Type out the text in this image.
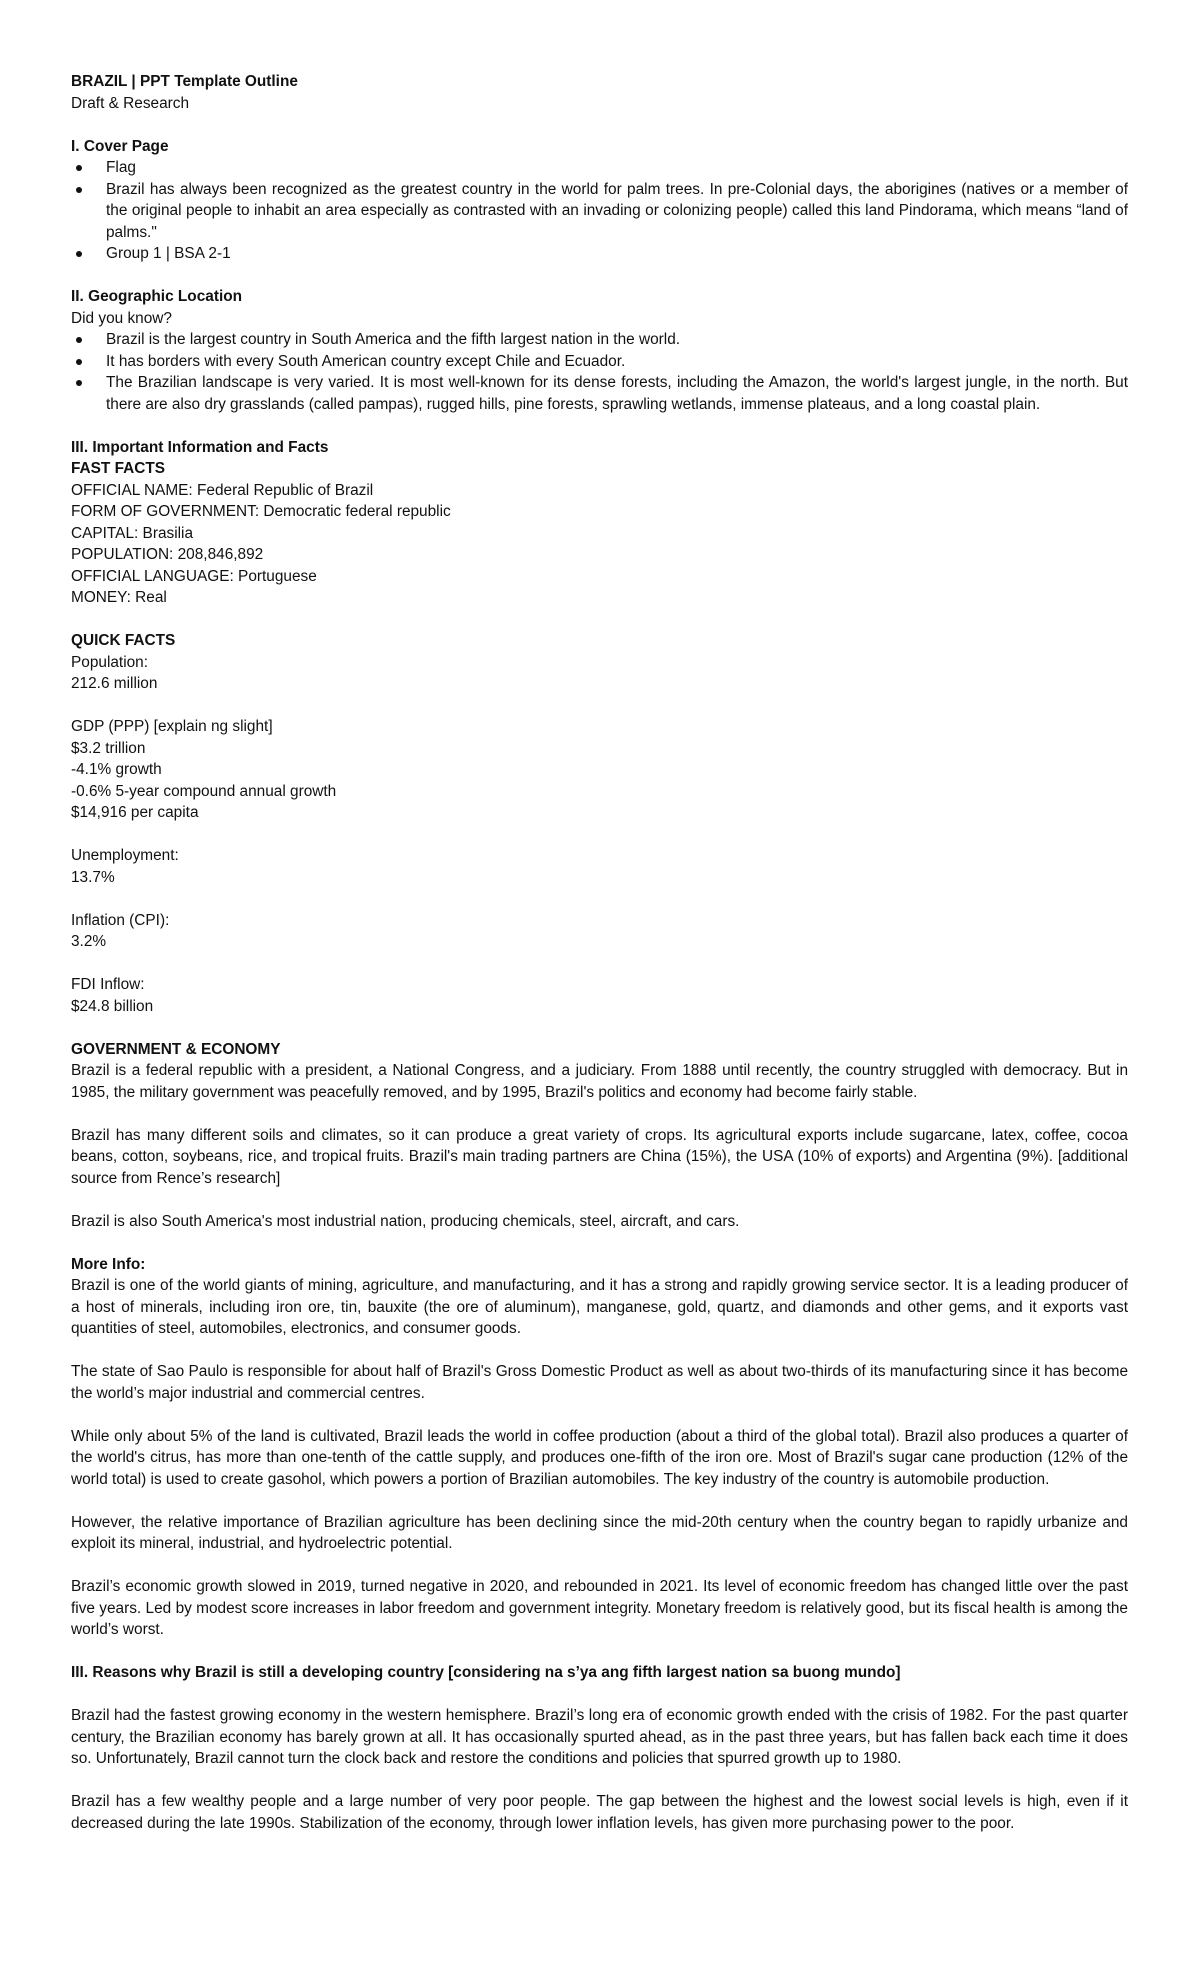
BRAZIL | PPT Template Outline

Draft & Research

I. Cover Page

Flag
Brazil has always been recognized as the greatest country in the world for palm trees. In pre-Colonial days, the aborigines (natives or a member of the original people to inhabit an area especially as contrasted with an invading or colonizing people) called this land Pindorama, which means “land of palms."
Group 1 | BSA 2-1

II. Geographic Location

Did you know?

Brazil is the largest country in South America and the fifth largest nation in the world.
It has borders with every South American country except Chile and Ecuador.
The Brazilian landscape is very varied. It is most well-known for its dense forests, including the Amazon, the world's largest jungle, in the north. But there are also dry grasslands (called pampas), rugged hills, pine forests, sprawling wetlands, immense plateaus, and a long coastal plain.

III. Important Information and Facts

FAST FACTS

OFFICIAL NAME: Federal Republic of Brazil

FORM OF GOVERNMENT: Democratic federal republic

CAPITAL: Brasilia

POPULATION: 208,846,892

OFFICIAL LANGUAGE: Portuguese

MONEY: Real

QUICK FACTS

Population:

212.6 million

GDP (PPP) [explain ng slight]

$3.2 trillion

-4.1% growth

-0.6% 5-year compound annual growth

$14,916 per capita

Unemployment:

13.7%

Inflation (CPI):

3.2%

FDI Inflow:

$24.8 billion

GOVERNMENT & ECONOMY

Brazil is a federal republic with a president, a National Congress, and a judiciary. From 1888 until recently, the country struggled with democracy. But in 1985, the military government was peacefully removed, and by 1995, Brazil's politics and economy had become fairly stable.

Brazil has many different soils and climates, so it can produce a great variety of crops. Its agricultural exports include sugarcane, latex, coffee, cocoa beans, cotton, soybeans, rice, and tropical fruits. Brazil's main trading partners are China (15%), the USA (10% of exports) and Argentina (9%). [additional source from Rence’s research]

Brazil is also South America's most industrial nation, producing chemicals, steel, aircraft, and cars.

More Info:

Brazil is one of the world giants of mining, agriculture, and manufacturing, and it has a strong and rapidly growing service sector. It is a leading producer of a host of minerals, including iron ore, tin, bauxite (the ore of aluminum), manganese, gold, quartz, and diamonds and other gems, and it exports vast quantities of steel, automobiles, electronics, and consumer goods.

The state of Sao Paulo is responsible for about half of Brazil's Gross Domestic Product as well as about two-thirds of its manufacturing since it has become the world’s major industrial and commercial centres.

While only about 5% of the land is cultivated, Brazil leads the world in coffee production (about a third of the global total). Brazil also produces a quarter of the world's citrus, has more than one-tenth of the cattle supply, and produces one-fifth of the iron ore. Most of Brazil's sugar cane production (12% of the world total) is used to create gasohol, which powers a portion of Brazilian automobiles. The key industry of the country is automobile production.

However, the relative importance of Brazilian agriculture has been declining since the mid-20th century when the country began to rapidly urbanize and exploit its mineral, industrial, and hydroelectric potential.

Brazil’s economic growth slowed in 2019, turned negative in 2020, and rebounded in 2021. Its level of economic freedom has changed little over the past five years. Led by modest score increases in labor freedom and government integrity. Monetary freedom is relatively good, but its fiscal health is among the world’s worst.

III. Reasons why Brazil is still a developing country [considering na s’ya ang fifth largest nation sa buong mundo]

Brazil had the fastest growing economy in the western hemisphere. Brazil’s long era of economic growth ended with the crisis of 1982. For the past quarter century, the Brazilian economy has barely grown at all. It has occasionally spurted ahead, as in the past three years, but has fallen back each time it does so. Unfortunately, Brazil cannot turn the clock back and restore the conditions and policies that spurred growth up to 1980.

Brazil has a few wealthy people and a large number of very poor people. The gap between the highest and the lowest social levels is high, even if it decreased during the late 1990s. Stabilization of the economy, through lower inflation levels, has given more purchasing power to the poor.
